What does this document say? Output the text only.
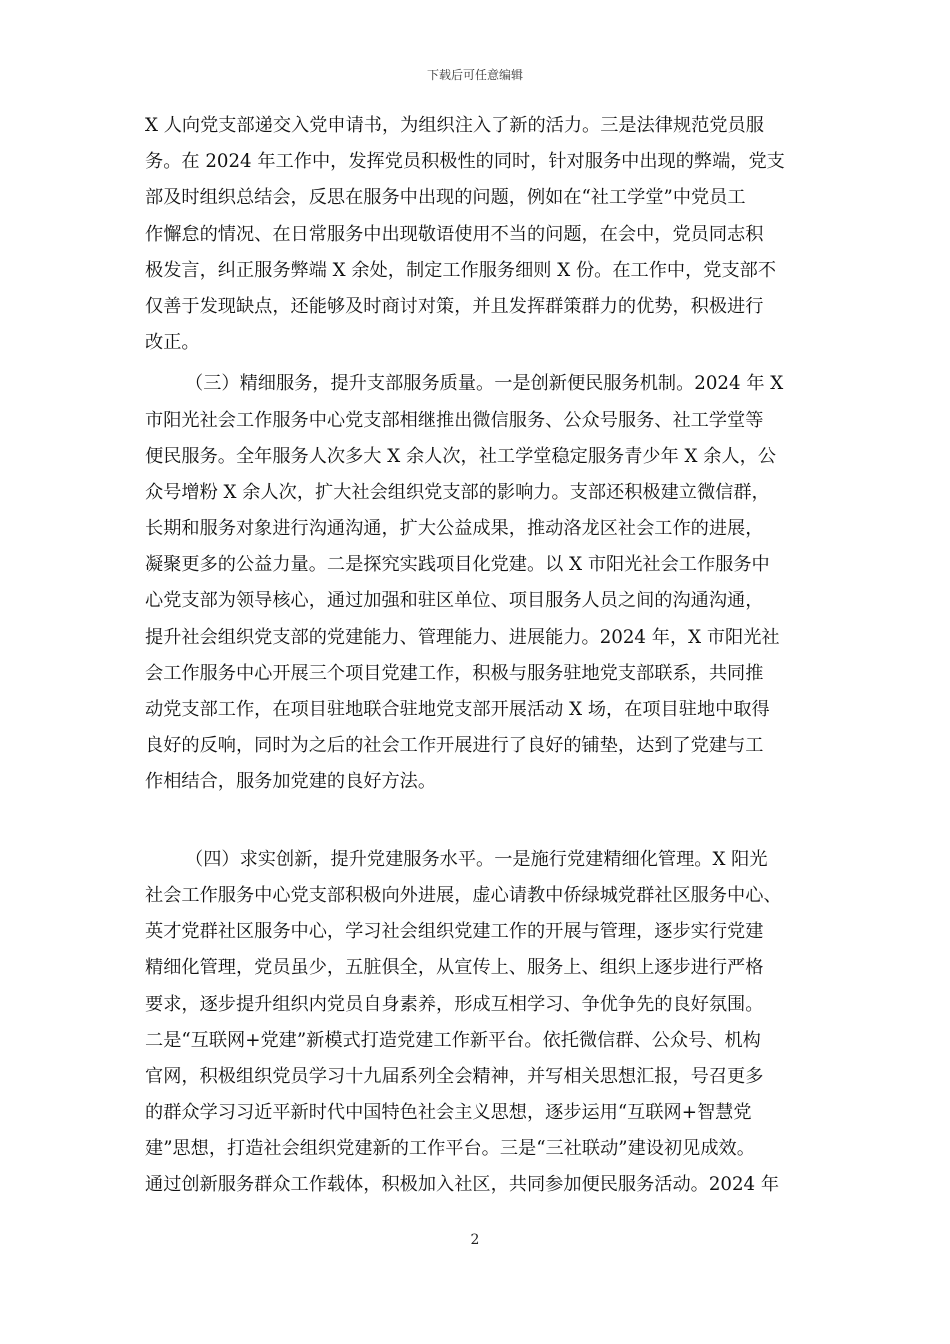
下载后可任意编辑
X 人向党支部递交入党申请书，为组织注入了新的活力。三是法律规范党员服
务。在 2024 年工作中，发挥党员积极性的同时，针对服务中出现的弊端，党支
部及时组织总结会，反思在服务中出现的问题，例如在“社工学堂”中党员工
作懈怠的情况、在日常服务中出现敬语使用不当的问题，在会中，党员同志积
极发言，纠正服务弊端 X 余处，制定工作服务细则 X 份。在工作中，党支部不
仅善于发现缺点，还能够及时商讨对策，并且发挥群策群力的优势，积极进行
改正。
（三）精细服务，提升支部服务质量。一是创新便民服务机制。2024 年 X
市阳光社会工作服务中心党支部相继推出微信服务、公众号服务、社工学堂等
便民服务。全年服务人次多大 X 余人次，社工学堂稳定服务青少年 X 余人，公
众号增粉 X 余人次，扩大社会组织党支部的影响力。支部还积极建立微信群，
长期和服务对象进行沟通沟通，扩大公益成果，推动洛龙区社会工作的进展，
凝聚更多的公益力量。二是探究实践项目化党建。以 X 市阳光社会工作服务中
心党支部为领导核心，通过加强和驻区单位、项目服务人员之间的沟通沟通，
提升社会组织党支部的党建能力、管理能力、进展能力。2024 年，X 市阳光社
会工作服务中心开展三个项目党建工作，积极与服务驻地党支部联系，共同推
动党支部工作，在项目驻地联合驻地党支部开展活动 X 场，在项目驻地中取得
良好的反响，同时为之后的社会工作开展进行了良好的铺垫，达到了党建与工
作相结合，服务加党建的良好方法。
（四）求实创新，提升党建服务水平。一是施行党建精细化管理。X 阳光
社会工作服务中心党支部积极向外进展，虚心请教中侨绿城党群社区服务中心、
英才党群社区服务中心，学习社会组织党建工作的开展与管理，逐步实行党建
精细化管理，党员虽少，五脏俱全，从宣传上、服务上、组织上逐步进行严格
要求，逐步提升组织内党员自身素养，形成互相学习、争优争先的良好氛围。
二是“互联网+党建”新模式打造党建工作新平台。依托微信群、公众号、机构
官网，积极组织党员学习十九届系列全会精神，并写相关思想汇报，号召更多
的群众学习习近平新时代中国特色社会主义思想，逐步运用“互联网+智慧党
建”思想，打造社会组织党建新的工作平台。三是“三社联动”建设初见成效。
通过创新服务群众工作载体，积极加入社区，共同参加便民服务活动。2024 年
2
